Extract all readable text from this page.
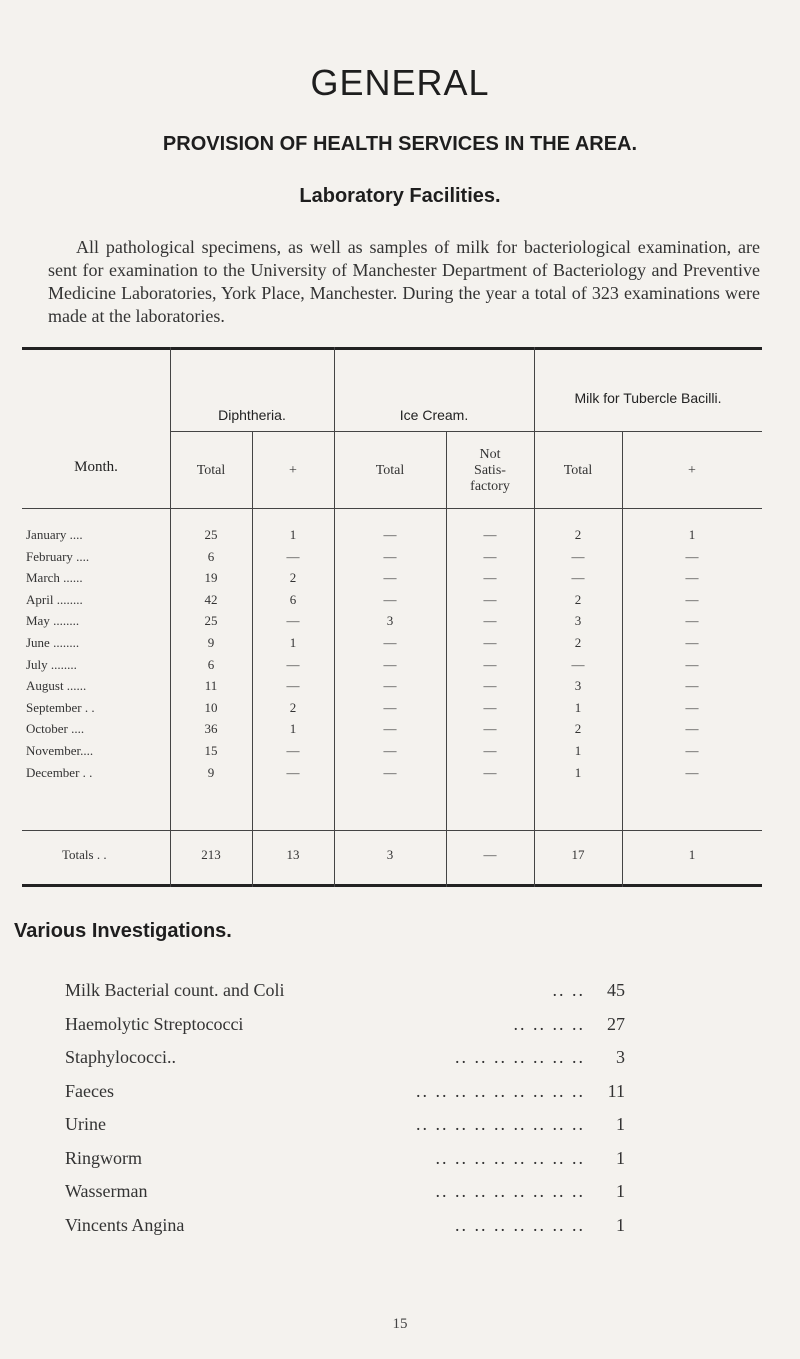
GENERAL
PROVISION OF HEALTH SERVICES IN THE AREA.
Laboratory Facilities.
All pathological specimens, as well as samples of milk for bacteriological examination, are sent for examination to the University of Manchester Department of Bacteriology and Preventive Medicine Laboratories, York Place, Manchester. During the year a total of 323 examinations were made at the laboratories.
Month.
Diphtheria.	Ice Cream.
Milk for Tubercle Bacilli.
Total	+	Total
Not Satis- factory
Total	+
January ....	25	1	—	—	2	1
February ....	6	—	—	—	—	—
March ......	19	2	—	—	—	—
April ........	42	6	—	—	2	—
May ........	25	—	3	—	3	—
June ........	9	1	—	—	2	—
July ........	6	—	—	—	—	—
August ......	11	—	—	—	3	—
September . .	10	2	—	—	1	—
October ....	36	1	—	—	2	—
November....	15	—	—	—	1	—
December . .	9	—	—	—	1	—
Totals . .	213	13	3	—	17	1
Various Investigations.
Milk Bacterial count. and Coli	.. ..	45
Haemolytic Streptococci	.. .. .. ..	27
Staphylococci..	.. .. .. .. .. .. ..	3
Faeces	.. .. .. .. .. .. .. .. ..	11
Urine	.. .. .. .. .. .. .. .. ..	1
Ringworm	.. .. .. .. .. .. .. ..	1
Wasserman	.. .. .. .. .. .. .. ..	1
Vincents Angina	.. .. .. .. .. .. ..	1
15
